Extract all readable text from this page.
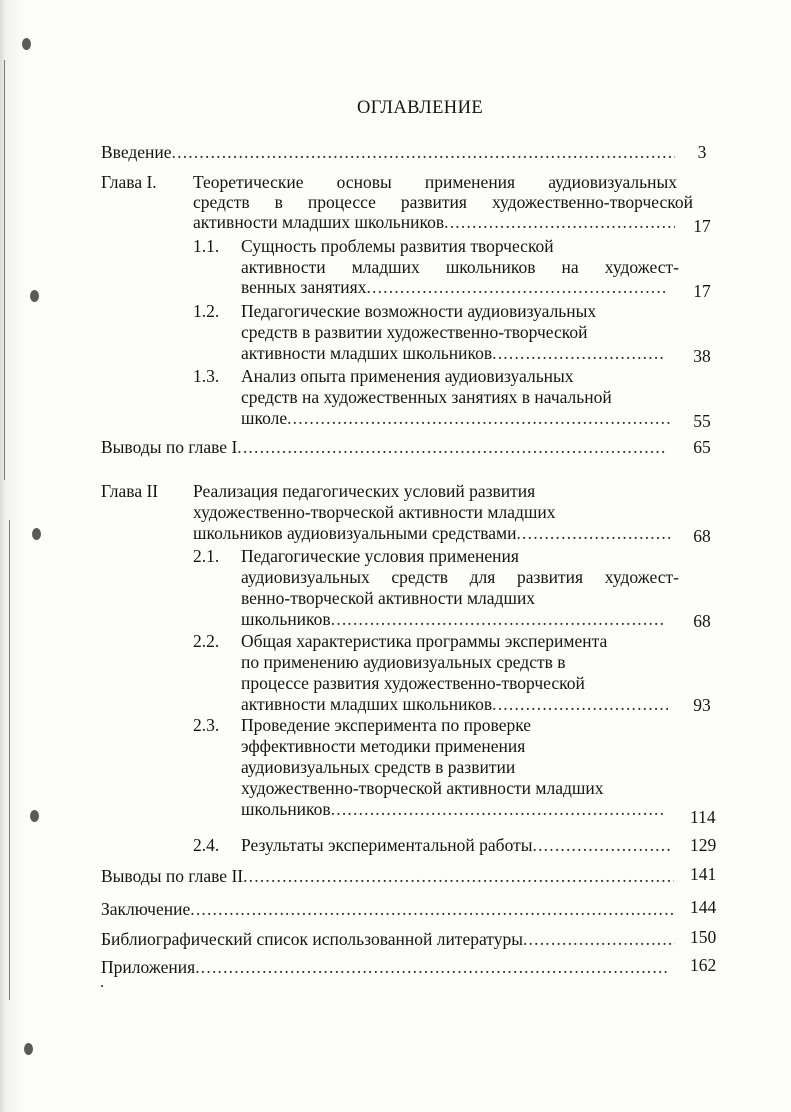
ОГЛАВЛЕНИЕ
Введение .....	3
Глава I. Теоретические основы применения аудиовизуальных
средств в процессе развития художественно-творческой
активности младших школьников .....	17
1.1. Сущность проблемы развития творческой
активности младших школьников на художест-
венных занятиях .....	17
1.2. Педагогические возможности аудиовизуальных
средств в развитии художественно-творческой
активности младших школьников .....	38
1.3. Анализ опыта применения аудиовизуальных
средств на художественных занятиях в начальной
школе .....	55
Выводы по главе I .....	65
Глава II Реализация педагогических условий развития
художественно-творческой активности младших
школьников аудиовизуальными средствами .....	68
2.1. Педагогические условия применения
аудиовизуальных средств для развития художест-
венно-творческой активности младших
школьников .....	68
2.2. Общая характеристика программы эксперимента
по применению аудиовизуальных средств в
процессе развития художественно-творческой
активности младших школьников .....	93
2.3. Проведение эксперимента по проверке
эффективности методики применения
аудиовизуальных средств в развитии
художественно-творческой активности младших
школьников .....	114
2.4. Результаты экспериментальной работы .....	129
Выводы по главе II .....	141
Заключение .....	144
Библиографический список использованной литературы .....	150
Приложения .....	162
